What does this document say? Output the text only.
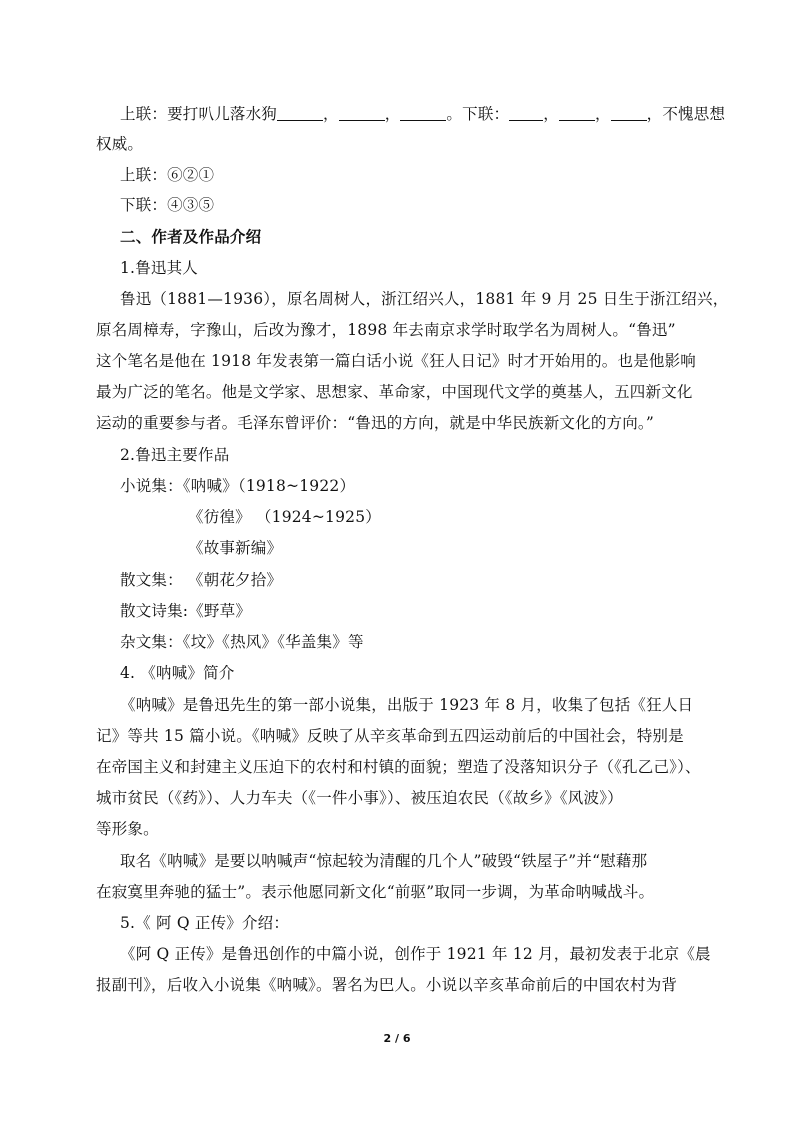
上联：要打叭儿落水狗	，	，	。下联： ， ， ，不愧思想
权威。
上联：⑥②①
下联：④③⑤
二、作者及作品介绍
1.鲁迅其人
鲁迅（1881—1936），原名周树人，浙江绍兴人，1881 年 9 月 25 日生于浙江绍兴，
原名周樟寿，字豫山，后改为豫才，1898 年去南京求学时取学名为周树人。“鲁迅”
这个笔名是他在 1918 年发表第一篇白话小说《狂人日记》时才开始用的。也是他影响
最为广泛的笔名。他是文学家、思想家、革命家，中国现代文学的奠基人，五四新文化
运动的重要参与者。毛泽东曾评价：“鲁迅的方向，就是中华民族新文化的方向。”
2.鲁迅主要作品
小说集：《呐喊》（1918~1922）
《彷徨》 （1924~1925）
《故事新编》
散文集： 《朝花夕拾》
散文诗集:《野草》
杂文集：《坟》《热风》《华盖集》等
4. 《呐喊》简介
《呐喊》是鲁迅先生的第一部小说集，出版于 1923 年 8 月，收集了包括《狂人日
记》等共 15 篇小说。《呐喊》反映了从辛亥革命到五四运动前后的中国社会，特别是
在帝国主义和封建主义压迫下的农村和村镇的面貌；塑造了没落知识分子（《孔乙己》）、
城市贫民（《药》）、人力车夫（《一件小事》）、被压迫农民（《故乡》《风波》）
等形象。
取名《呐喊》是要以呐喊声“惊起较为清醒的几个人”破毁“铁屋子”并“慰藉那
在寂寞里奔驰的猛士”。表示他愿同新文化“前驱”取同一步调，为革命呐喊战斗。
5.《 阿 Q 正传》介绍：
《阿 Q 正传》是鲁迅创作的中篇小说，创作于 1921 年 12 月，最初发表于北京《晨
报副刊》，后收入小说集《呐喊》。署名为巴人。小说以辛亥革命前后的中国农村为背
2 / 6
